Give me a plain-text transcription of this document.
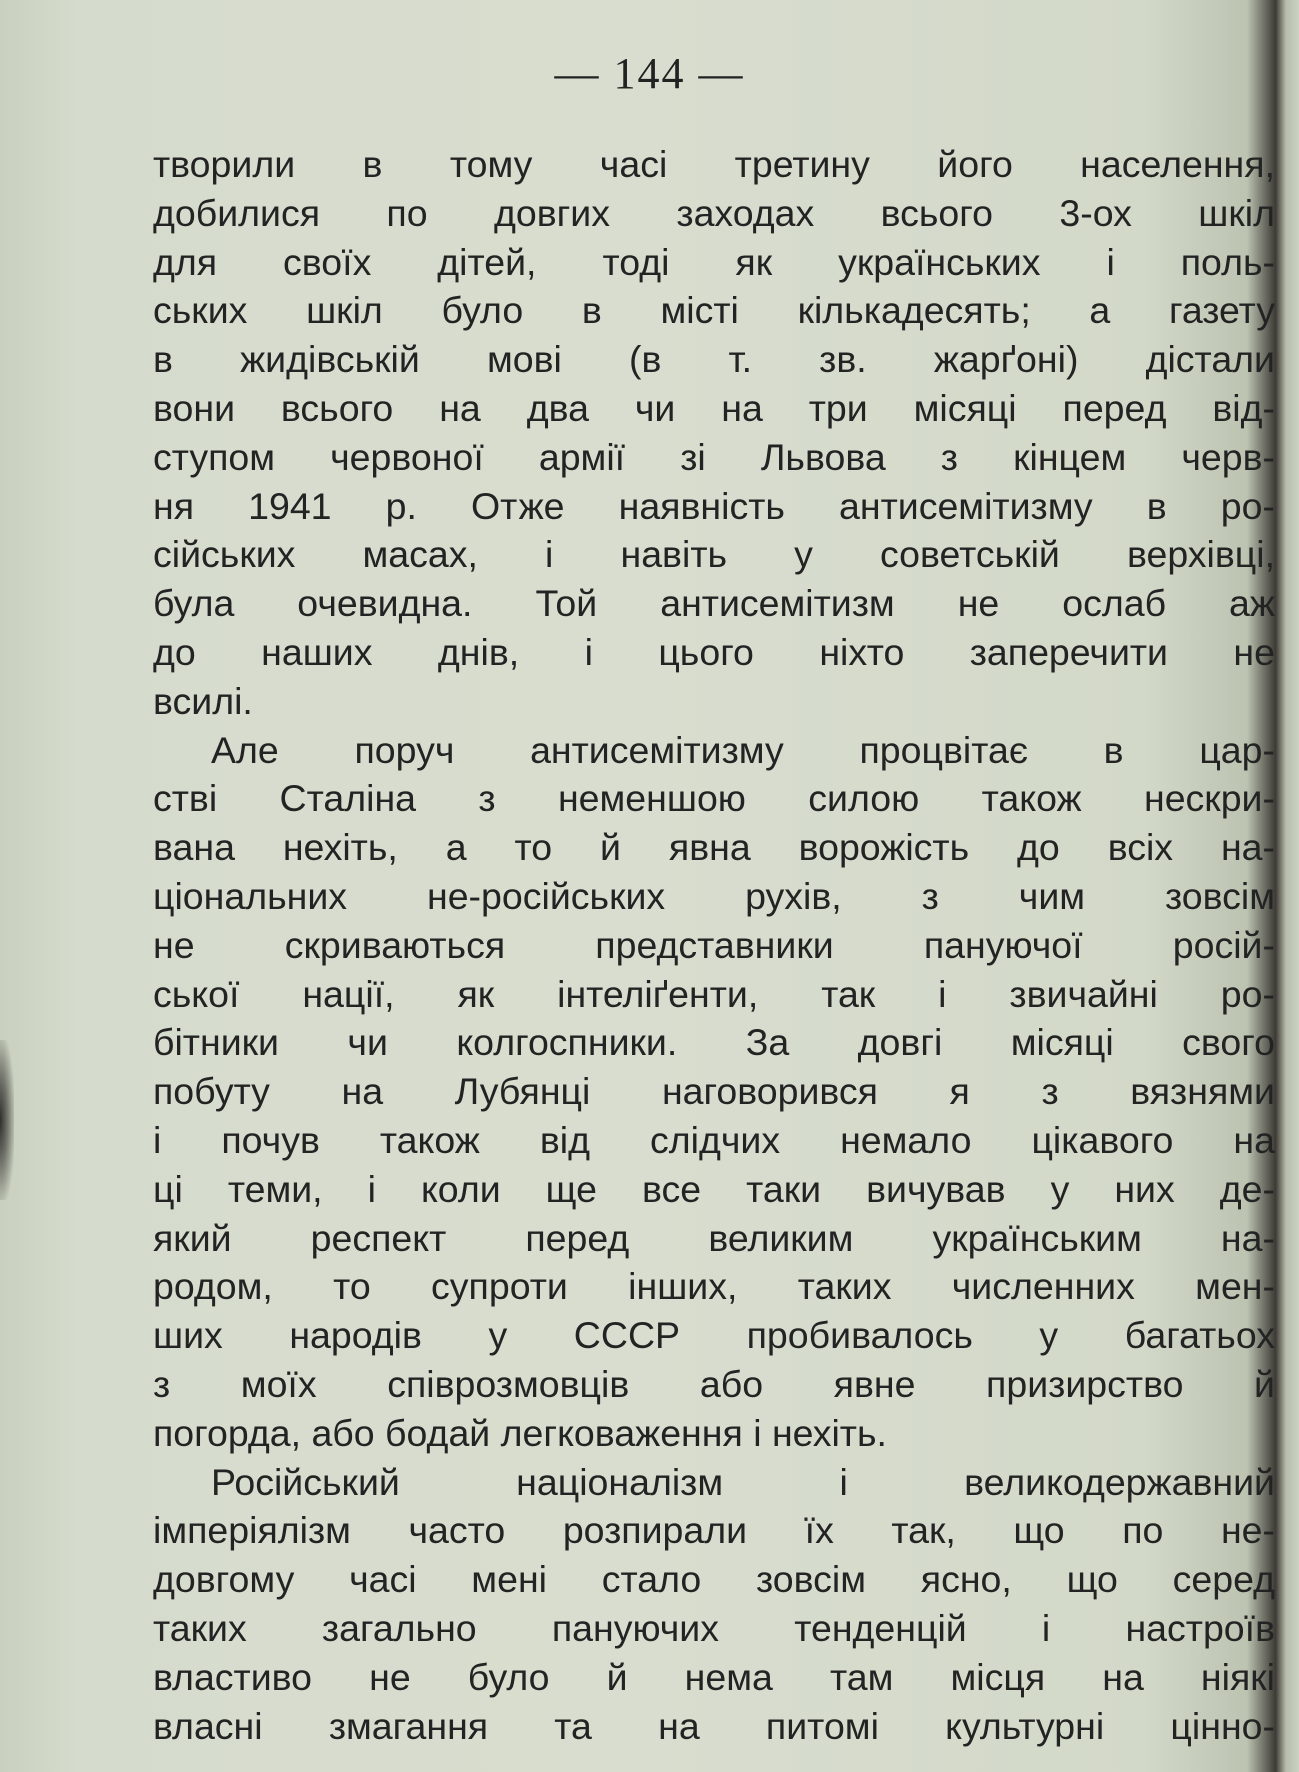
— 144 —
творили в тому часі третину його населення,
добилися по довгих заходах всього 3-ох шкіл
для своїх дітей, тоді як українських і поль-
ських шкіл було в місті кількадесять; а газету
в жидівській мові (в т. зв. жарґоні) дістали
вони всього на два чи на три місяці перед від-
ступом червоної армії зі Львова з кінцем черв-
ня 1941 р. Отже наявність антисемітизму в ро-
сійських масах, і навіть у советській верхівці,
була очевидна. Той антисемітизм не ослаб аж
до наших днів, і цього ніхто заперечити не
всилі.
Але поруч антисемітизму процвітає в цар-
стві Сталіна з неменшою силою також нескри-
вана нехіть, а то й явна ворожість до всіх на-
ціональних не-російських рухів, з чим зовсім
не скриваються представники пануючої росій-
ської нації, як інтеліґенти, так і звичайні ро-
бітники чи колгоспники. За довгі місяці свого
побуту на Лубянці наговорився я з вязнями
і почув також від слідчих немало цікавого на
ці теми, і коли ще все таки вичував у них де-
який респект перед великим українським на-
родом, то супроти інших, таких численних мен-
ших народів у СССР пробивалось у багатьох
з моїх співрозмовців або явне призирство й
погорда, або бодай легковаження і нехіть.
Російський націоналізм і великодержавний
імперіялізм часто розпирали їх так, що по не-
довгому часі мені стало зовсім ясно, що серед
таких загально пануючих тенденцій і настроїв
властиво не було й нема там місця на ніякі
власні змагання та на питомі культурні цінно-
